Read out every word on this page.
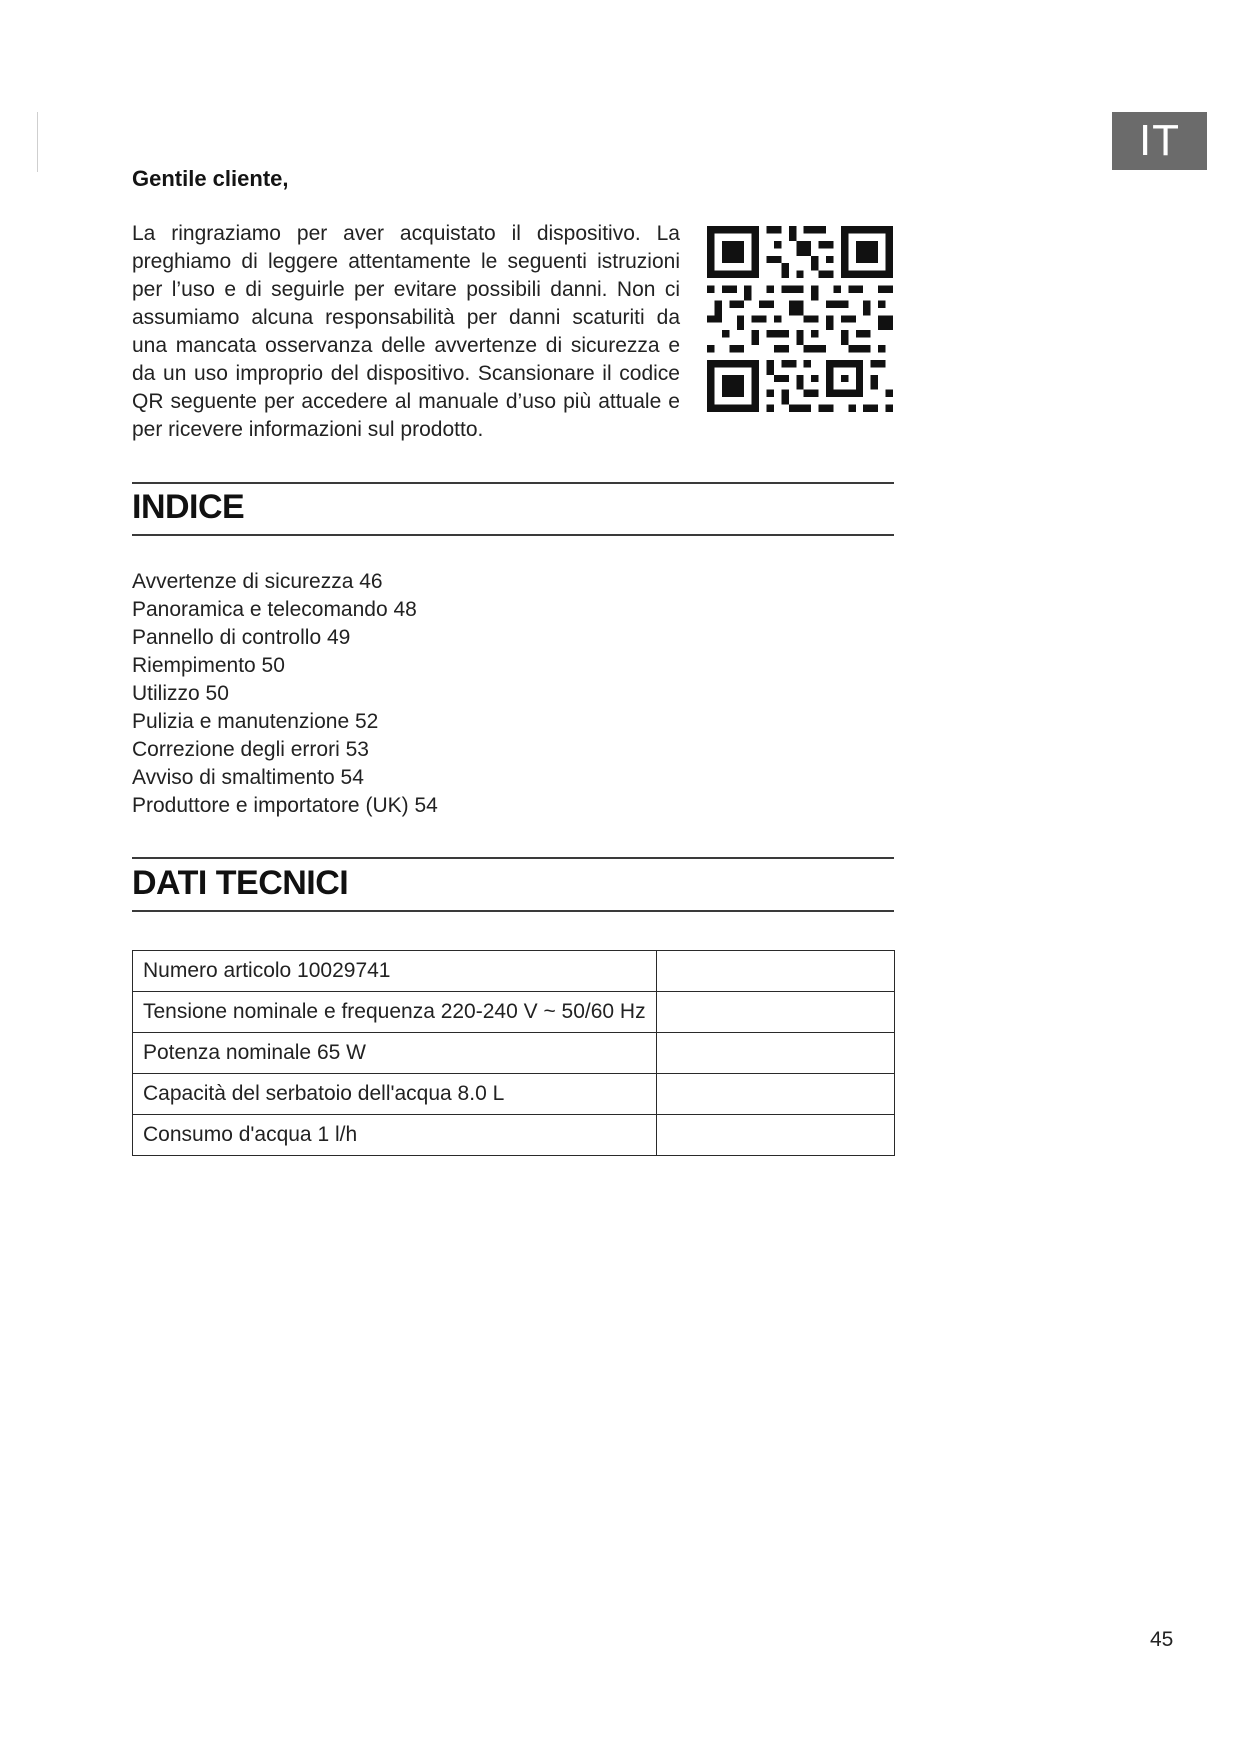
IT
Gentile cliente,
La ringraziamo per aver acquistato il dispositivo. La preghiamo di leggere attentamente le seguenti istruzioni per l’uso e di seguirle per evitare possibili danni. Non ci assumiamo alcuna responsabilità per danni scaturiti da una mancata osservanza delle avvertenze di sicurezza e da un uso improprio del dispositivo. Scansionare il codice QR seguente per accedere al manuale d’uso più attuale e per ricevere informazioni sul prodotto.
INDICE
Avvertenze di sicurezza 46
Panoramica e telecomando 48
Pannello di controllo 49
Riempimento 50
Utilizzo 50
Pulizia e manutenzione 52
Correzione degli errori 53
Avviso di smaltimento 54
Produttore e importatore (UK) 54
DATI TECNICI
Numero articolo 10029741	
Tensione nominale e frequenza 220-240 V ~ 50/60 Hz	
Potenza nominale 65 W	
Capacità del serbatoio dell'acqua 8.0 L	
Consumo d'acqua 1 l/h	
45
